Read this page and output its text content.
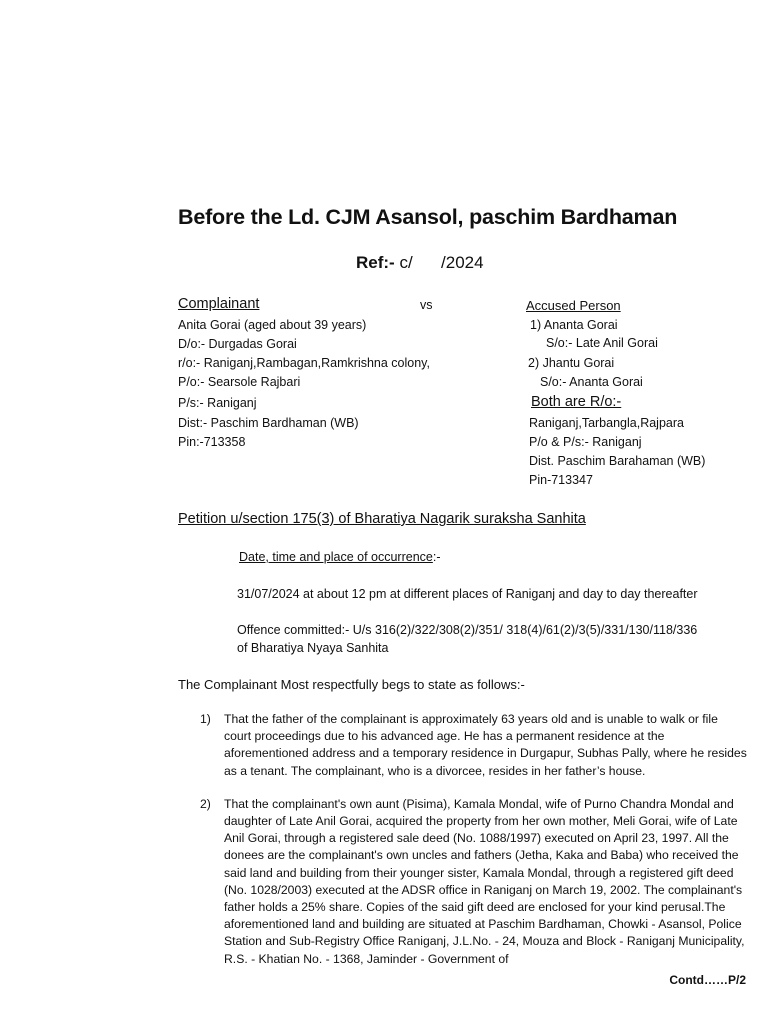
Before the Ld. CJM Asansol, paschim Bardhaman
Ref:- c/      /2024
Complainant	vs
Anita Gorai (aged about 39 years)
D/o:- Durgadas Gorai
r/o:- Raniganj,Rambagan,Ramkrishna colony,
P/o:- Searsole Rajbari
P/s:- Raniganj
Dist:- Paschim Bardhaman (WB)
Pin:-713358
Accused Person
1) Ananta Gorai
S/o:- Late Anil Gorai
2) Jhantu Gorai
S/o:- Ananta Gorai
Both are R/o:-
Raniganj,Tarbangla,Rajpara
P/o & P/s:- Raniganj
Dist. Paschim Barahaman (WB)
Pin-713347
Petition u/section 175(3) of Bharatiya Nagarik suraksha Sanhita
Date, time and place of occurrence:-
31/07/2024 at about 12 pm at different places of Raniganj and day to day thereafter
Offence committed:- U/s 316(2)/322/308(2)/351/ 318(4)/61(2)/3(5)/331/130/118/336
of Bharatiya Nyaya Sanhita
The Complainant Most respectfully begs to state as follows:-
1)	That the father of the complainant is approximately 63 years old and is unable to walk or file court proceedings due to his advanced age. He has a permanent residence at the aforementioned address and a temporary residence in Durgapur, Subhas Pally, where he resides as a tenant. The complainant, who is a divorcee, resides in her father’s house.
2)	That the complainant's own aunt (Pisima), Kamala Mondal, wife of Purno Chandra Mondal and daughter of Late Anil Gorai, acquired the property from her own mother, Meli Gorai, wife of Late Anil Gorai, through a registered sale deed (No. 1088/1997) executed on April 23, 1997. All the donees are the complainant's own uncles and fathers (Jetha, Kaka and Baba) who received the said land and building from their younger sister, Kamala Mondal, through a registered gift deed (No. 1028/2003) executed at the ADSR office in Raniganj on March 19, 2002. The complainant's father holds a 25% share. Copies of the said gift deed are enclosed for your kind perusal.The aforementioned land and building are situated at Paschim Bardhaman, Chowki - Asansol, Police Station and Sub-Registry Office Raniganj, J.L.No. - 24, Mouza and Block - Raniganj Municipality, R.S. - Khatian No. - 1368, Jaminder - Government of
Contd……P/2
